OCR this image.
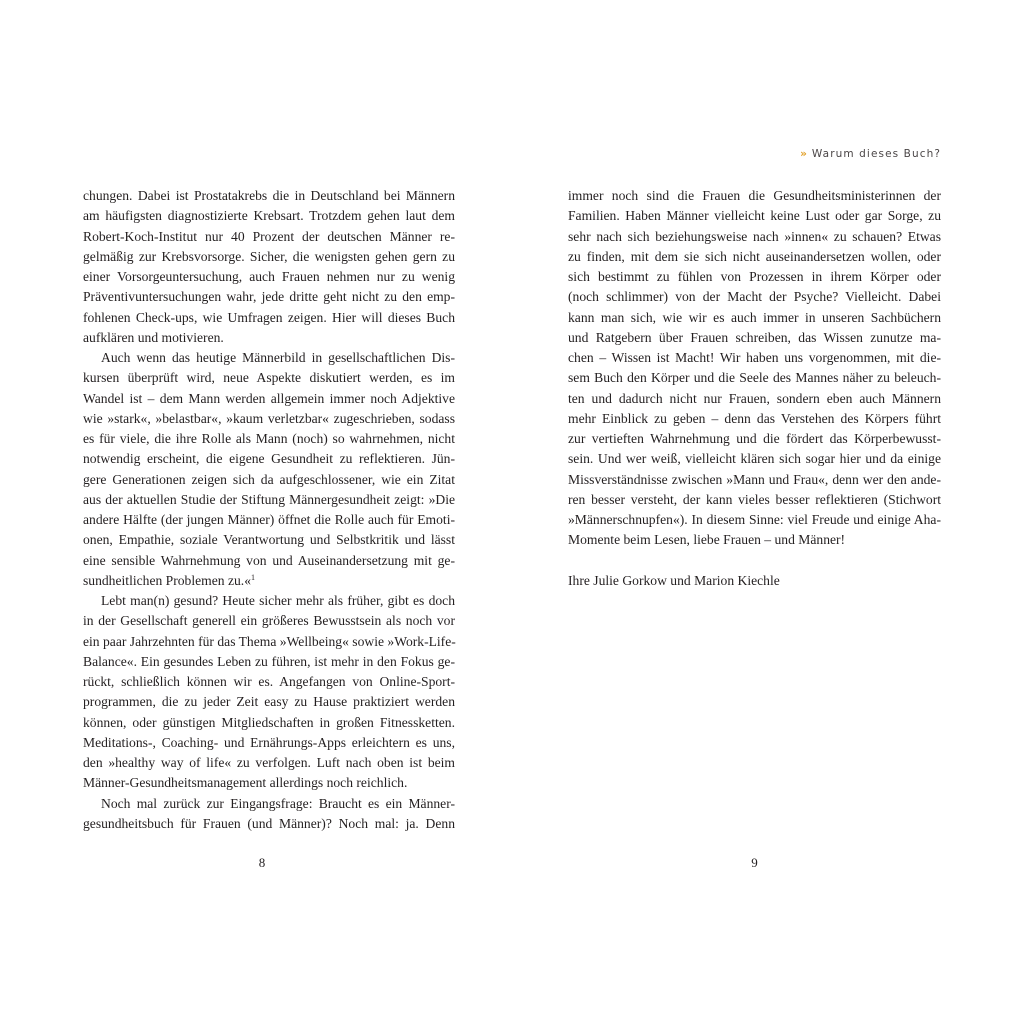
chungen. Dabei ist Prostatakrebs die in Deutschland bei Männern
am häufigsten diagnostizierte Krebsart. Trotzdem gehen laut dem
Robert-Koch-Institut nur 40 Prozent der deutschen Männer re-
gelmäßig zur Krebsvorsorge. Sicher, die wenigsten gehen gern zu
einer Vorsorgeuntersuchung, auch Frauen nehmen nur zu wenig
Präventivuntersuchungen wahr, jede dritte geht nicht zu den emp-
fohlenen Check-ups, wie Umfragen zeigen. Hier will dieses Buch
aufklären und motivieren.
Auch wenn das heutige Männerbild in gesellschaftlichen Dis-
kursen überprüft wird, neue Aspekte diskutiert werden, es im
Wandel ist – dem Mann werden allgemein immer noch Adjektive
wie »stark«, »belastbar«, »kaum verletzbar« zugeschrieben, sodass
es für viele, die ihre Rolle als Mann (noch) so wahrnehmen, nicht
notwendig erscheint, die eigene Gesundheit zu reflektieren. Jün-
gere Generationen zeigen sich da aufgeschlossener, wie ein Zitat
aus der aktuellen Studie der Stiftung Männergesundheit zeigt: »Die
andere Hälfte (der jungen Männer) öffnet die Rolle auch für Emoti-
onen, Empathie, soziale Verantwortung und Selbstkritik und lässt
eine sensible Wahrnehmung von und Auseinandersetzung mit ge-
sundheitlichen Problemen zu.«$^1$
Lebt man(n) gesund? Heute sicher mehr als früher, gibt es doch
in der Gesellschaft generell ein größeres Bewusstsein als noch vor
ein paar Jahrzehnten für das Thema »Wellbeing« sowie »Work-Life-
Balance«. Ein gesundes Leben zu führen, ist mehr in den Fokus ge-
rückt, schließlich können wir es. Angefangen von Online-Sport-
programmen, die zu jeder Zeit easy zu Hause praktiziert werden
können, oder günstigen Mitgliedschaften in großen Fitnessketten.
Meditations-, Coaching- und Ernährungs-Apps erleichtern es uns,
den »healthy way of life« zu verfolgen. Luft nach oben ist beim
Männer-Gesundheitsmanagement allerdings noch reichlich.
Noch mal zurück zur Eingangsfrage: Braucht es ein Männer-
gesundheitsbuch für Frauen (und Männer)? Noch mal: ja. Denn
8
» Warum dieses Buch?
immer noch sind die Frauen die Gesundheitsministerinnen der
Familien. Haben Männer vielleicht keine Lust oder gar Sorge, zu
sehr nach sich beziehungsweise nach »innen« zu schauen? Etwas
zu finden, mit dem sie sich nicht auseinandersetzen wollen, oder
sich bestimmt zu fühlen von Prozessen in ihrem Körper oder
(noch schlimmer) von der Macht der Psyche? Vielleicht. Dabei
kann man sich, wie wir es auch immer in unseren Sachbüchern
und Ratgebern über Frauen schreiben, das Wissen zunutze ma-
chen – Wissen ist Macht! Wir haben uns vorgenommen, mit die-
sem Buch den Körper und die Seele des Mannes näher zu beleuch-
ten und dadurch nicht nur Frauen, sondern eben auch Männern
mehr Einblick zu geben – denn das Verstehen des Körpers führt
zur vertieften Wahrnehmung und die fördert das Körperbewusst-
sein. Und wer weiß, vielleicht klären sich sogar hier und da einige
Missverständnisse zwischen »Mann und Frau«, denn wer den ande-
ren besser versteht, der kann vieles besser reflektieren (Stichwort
»Männerschnupfen«). In diesem Sinne: viel Freude und einige Aha-
Momente beim Lesen, liebe Frauen – und Männer!
Ihre Julie Gorkow und Marion Kiechle
9
